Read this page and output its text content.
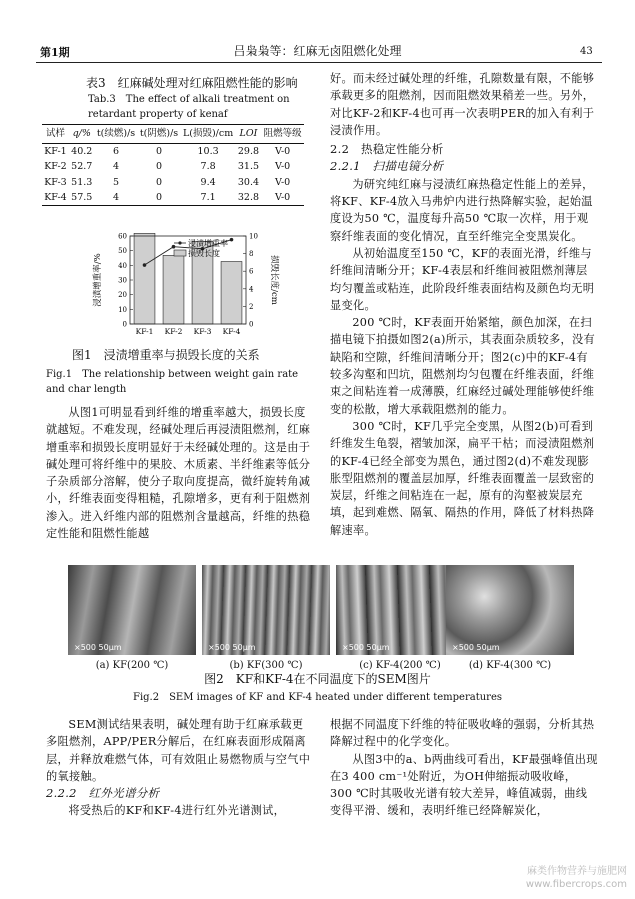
第1期	吕枭枭等：红麻无卤阻燃化处理	43
表3　红麻碱处理对红麻阻燃性能的影响
Tab.3　The effect of alkali treatment on retardant property of kenaf
试样	q/%	t(续燃)/s	t(阴燃)/s	L(损毁)/cm	LOI	阻燃等级
KF-1	40.2	6	0	10.3	29.8	V-0
KF-2	52.7	4	0	7.8	31.5	V-0
KF-3	51.3	5	0	9.4	30.4	V-0
KF-4	57.5	4	0	7.1	32.8	V-0
KF-1 KF-2 KF-3 KF-4
0
10
20
30
40
50
60
0
2
4
6
8
10
浸渍增重率
损毁长度
浸渍增重率/%	损毁长度/cm
图1　浸渍增重率与损毁长度的关系
Fig.1　The relationship between weight gain rate and char length

从图1可明显看到纤维的增重率越大，损毁长度就越短。不难发现，经碱处理后再浸渍阻燃剂，红麻增重率和损毁长度明显好于未经碱处理的。这是由于碱处理可将纤维中的果胶、木质素、半纤维素等低分子杂质部分溶解，使分子取向度提高，微纤旋转角减小，纤维表面变得粗糙，孔隙增多，更有利于阻燃剂渗入。进入纤维内部的阻燃剂含量越高，纤维的热稳定性能和阻燃性能越

好。而未经过碱处理的纤维，孔隙数量有限，不能够承载更多的阻燃剂，因而阻燃效果稍差一些。另外，对比KF-2和KF-4也可再一次表明PER的加入有利于浸渍作用。

2.2　热稳定性能分析
2.2.1　扫描电镜分析

为研究纯红麻与浸渍红麻热稳定性能上的差异，将KF、KF-4放入马弗炉内进行热降解实验，起始温度设为50 ℃，温度每升高50 ℃取一次样，用于观察纤维表面的变化情况，直至纤维完全变黑炭化。

从初始温度至150 ℃，KF的表面光滑，纤维与纤维间清晰分开；KF-4表层和纤维间被阻燃剂薄层均匀覆盖或粘连，此阶段纤维表面结构及颜色均无明显变化。

200 ℃时，KF表面开始紧缩，颜色加深，在扫描电镜下拍摄如图2(a)所示，其表面杂质较多，没有缺陷和空隙，纤维间清晰分开；图2(c)中的KF-4有较多沟壑和凹坑，阻燃剂均匀包覆在纤维表面，纤维束之间粘连着一成薄膜，红麻经过碱处理能够使纤维变的松散，增大承载阻燃剂的能力。

300 ℃时，KF几乎完全变黑，从图2(b)可看到纤维发生龟裂，褶皱加深，扁平干枯；而浸渍阻燃剂的KF-4已经全部变为黑色，通过图2(d)不难发现膨胀型阻燃剂的覆盖层加厚，纤维表面覆盖一层致密的炭层，纤维之间粘连在一起，原有的沟壑被炭层充填，起到难燃、隔氧、隔热的作用，降低了材料热降解速率。

×500 50μm	×500 50μm	×500 50μm	×500 50μm
(a) KF(200 ℃)	(b) KF(300 ℃)	(c) KF-4(200 ℃)	(d) KF-4(300 ℃)
图2　KF和KF-4在不同温度下的SEM图片
Fig.2　SEM images of KF and KF-4 heated under different temperatures

SEM测试结果表明，碱处理有助于红麻承载更多阻燃剂，APP/PER分解后，在红麻表面形成隔离层，并释放难燃气体，可有效阻止易燃物质与空气中的氧接触。

2.2.2　红外光谱分析

将受热后的KF和KF-4进行红外光谱测试，

根据不同温度下纤维的特征吸收峰的强弱，分析其热降解过程中的化学变化。

从图3中的a、b两曲线可看出，KF最强峰值出现在3 400 cm⁻¹处附近，为OH伸缩振动吸收峰，300 ℃时其吸收光谱有较大差异，峰值减弱，曲线变得平滑、缓和，表明纤维已经降解炭化，

麻类作物营养与施肥网
www.fibercrops.com
